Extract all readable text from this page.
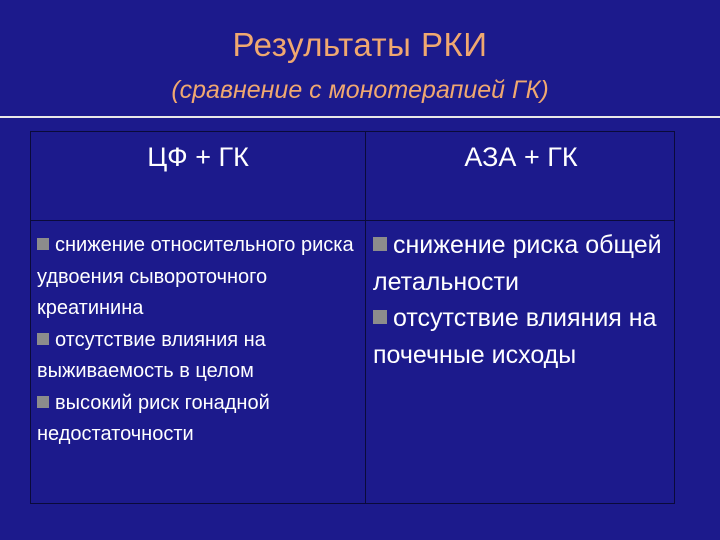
Результаты РКИ
(сравнение с монотерапией ГК)
ЦФ + ГК	АЗА + ГК
снижение относительного риска удвоения сывороточного креатинина
отсутствие влияния на выживаемость в целом
высокий риск гонадной недостаточности
снижение риска общей летальности
отсутствие влияния на почечные исходы
